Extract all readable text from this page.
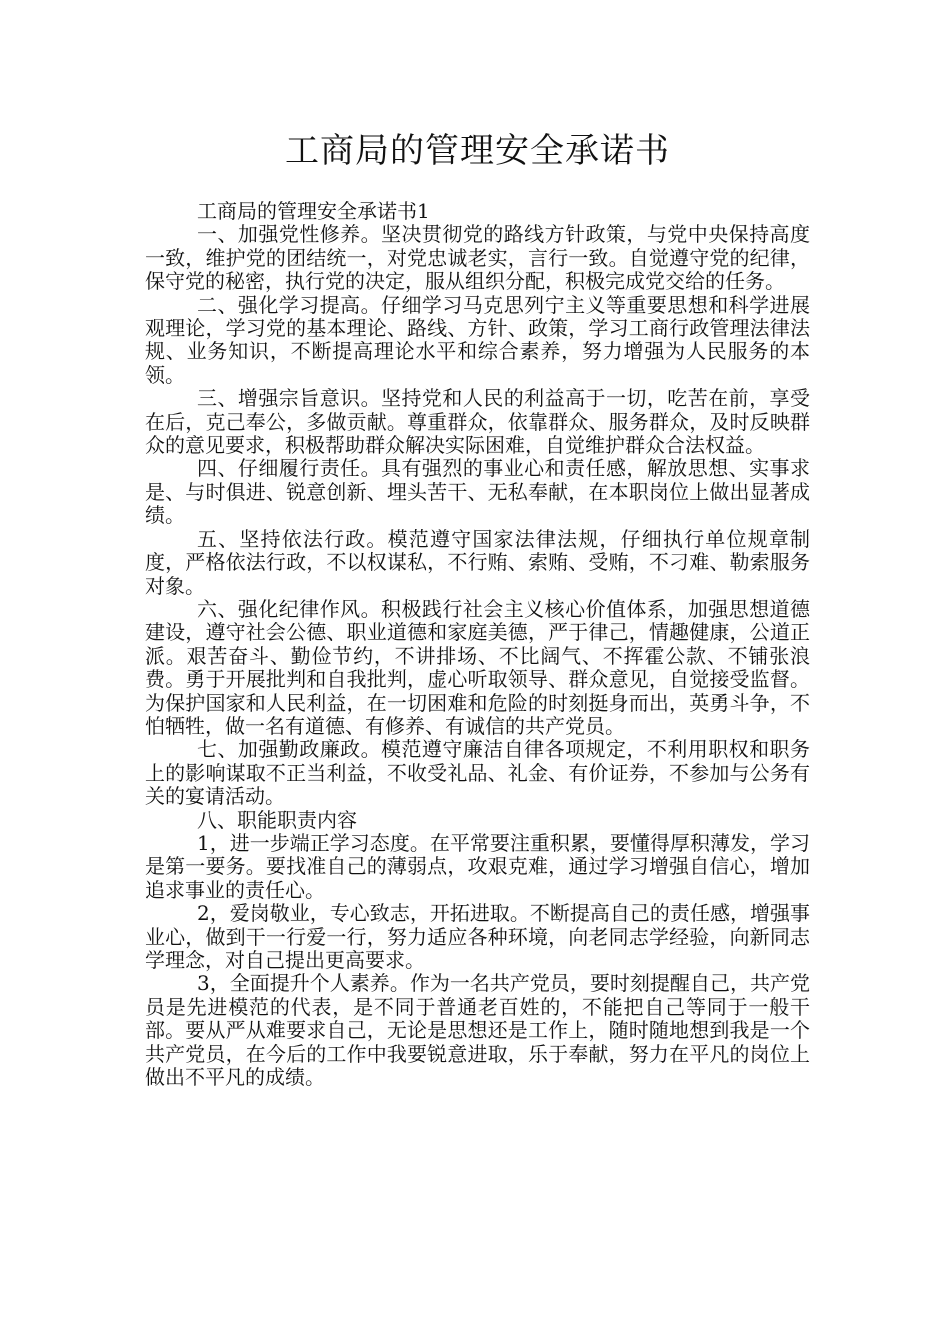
工商局的管理安全承诺书

工商局的管理安全承诺书1

一、加强党性修养。坚决贯彻党的路线方针政策，与党中央保持高度一致，维护党的团结统一，对党忠诚老实，言行一致。自觉遵守党的纪律，保守党的秘密，执行党的决定，服从组织分配，积极完成党交给的任务。

二、强化学习提高。仔细学习马克思列宁主义等重要思想和科学进展观理论，学习党的基本理论、路线、方针、政策，学习工商行政管理法律法规、业务知识，不断提高理论水平和综合素养，努力增强为人民服务的本领。

三、增强宗旨意识。坚持党和人民的利益高于一切，吃苦在前，享受在后，克己奉公，多做贡献。尊重群众，依靠群众、服务群众，及时反映群众的意见要求，积极帮助群众解决实际困难，自觉维护群众合法权益。

四、仔细履行责任。具有强烈的事业心和责任感，解放思想、实事求是、与时俱进、锐意创新、埋头苦干、无私奉献，在本职岗位上做出显著成绩。

五、坚持依法行政。模范遵守国家法律法规，仔细执行单位规章制度，严格依法行政，不以权谋私，不行贿、索贿、受贿，不刁难、勒索服务对象。

六、强化纪律作风。积极践行社会主义核心价值体系，加强思想道德建设，遵守社会公德、职业道德和家庭美德，严于律己，情趣健康，公道正派。艰苦奋斗、勤俭节约，不讲排场、不比阔气、不挥霍公款、不铺张浪费。勇于开展批判和自我批判，虚心听取领导、群众意见，自觉接受监督。为保护国家和人民利益，在一切困难和危险的时刻挺身而出，英勇斗争，不怕牺牲，做一名有道德、有修养、有诚信的共产党员。

七、加强勤政廉政。模范遵守廉洁自律各项规定，不利用职权和职务上的影响谋取不正当利益，不收受礼品、礼金、有价证券，不参加与公务有关的宴请活动。

八、职能职责内容

1，进一步端正学习态度。在平常要注重积累，要懂得厚积薄发，学习是第一要务。要找准自己的薄弱点，攻艰克难，通过学习增强自信心，增加追求事业的责任心。

2，爱岗敬业，专心致志，开拓进取。不断提高自己的责任感，增强事业心，做到干一行爱一行，努力适应各种环境，向老同志学经验，向新同志学理念，对自己提出更高要求。

3，全面提升个人素养。作为一名共产党员，要时刻提醒自己，共产党员是先进模范的代表，是不同于普通老百姓的，不能把自己等同于一般干部。要从严从难要求自己，无论是思想还是工作上，随时随地想到我是一个共产党员，在今后的工作中我要锐意进取，乐于奉献，努力在平凡的岗位上做出不平凡的成绩。
